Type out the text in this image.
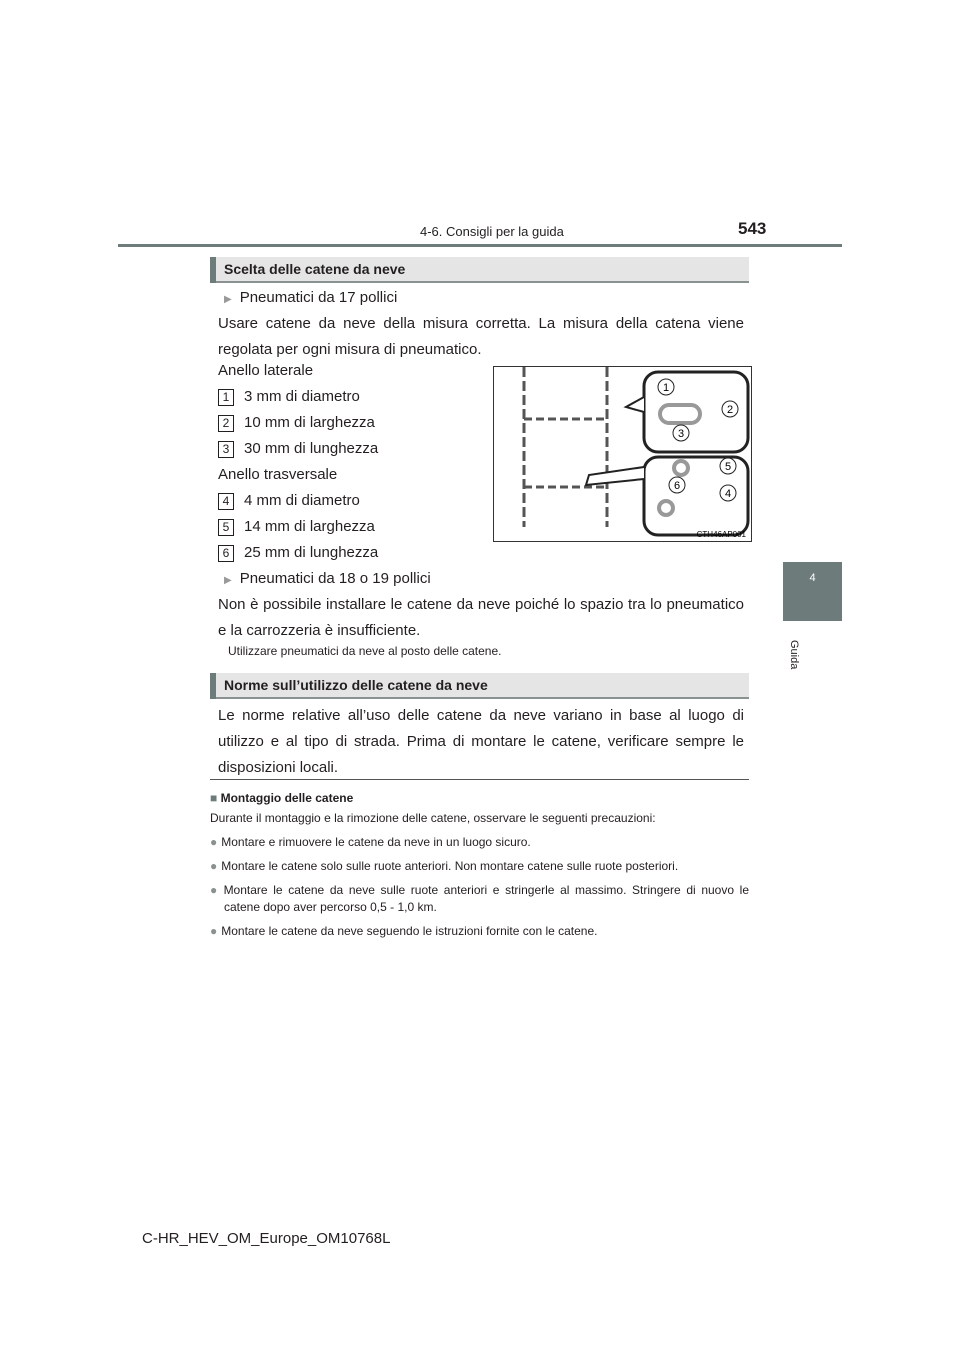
4-6. Consigli per la guida	543
4
Guida
Scelta delle catene da neve
▶ Pneumatici da 17 pollici
Usare catene da neve della misura corretta. La misura della catena viene regolata per ogni misura di pneumatico.
Anello laterale
1 3 mm di diametro
2 10 mm di larghezza
3 30 mm di lunghezza
Anello trasversale
4 4 mm di diametro
5 14 mm di larghezza
6 25 mm di lunghezza
1
2
3
4
5
6
CTH46AP001
▶ Pneumatici da 18 o 19 pollici
Non è possibile installare le catene da neve poiché lo spazio tra lo pneumatico e la carrozzeria è insufficiente.
Utilizzare pneumatici da neve al posto delle catene.
Norme sull’utilizzo delle catene da neve
Le norme relative all’uso delle catene da neve variano in base al luogo di utilizzo e al tipo di strada. Prima di montare le catene, verificare sempre le disposizioni locali.
■ Montaggio delle catene
Durante il montaggio e la rimozione delle catene, osservare le seguenti precauzioni:
● Montare e rimuovere le catene da neve in un luogo sicuro.
● Montare le catene solo sulle ruote anteriori. Non montare catene sulle ruote posteriori.
● Montare le catene da neve sulle ruote anteriori e stringerle al massimo. Stringere di nuovo le catene dopo aver percorso 0,5 - 1,0 km.
● Montare le catene da neve seguendo le istruzioni fornite con le catene.
C-HR_HEV_OM_Europe_OM10768L
